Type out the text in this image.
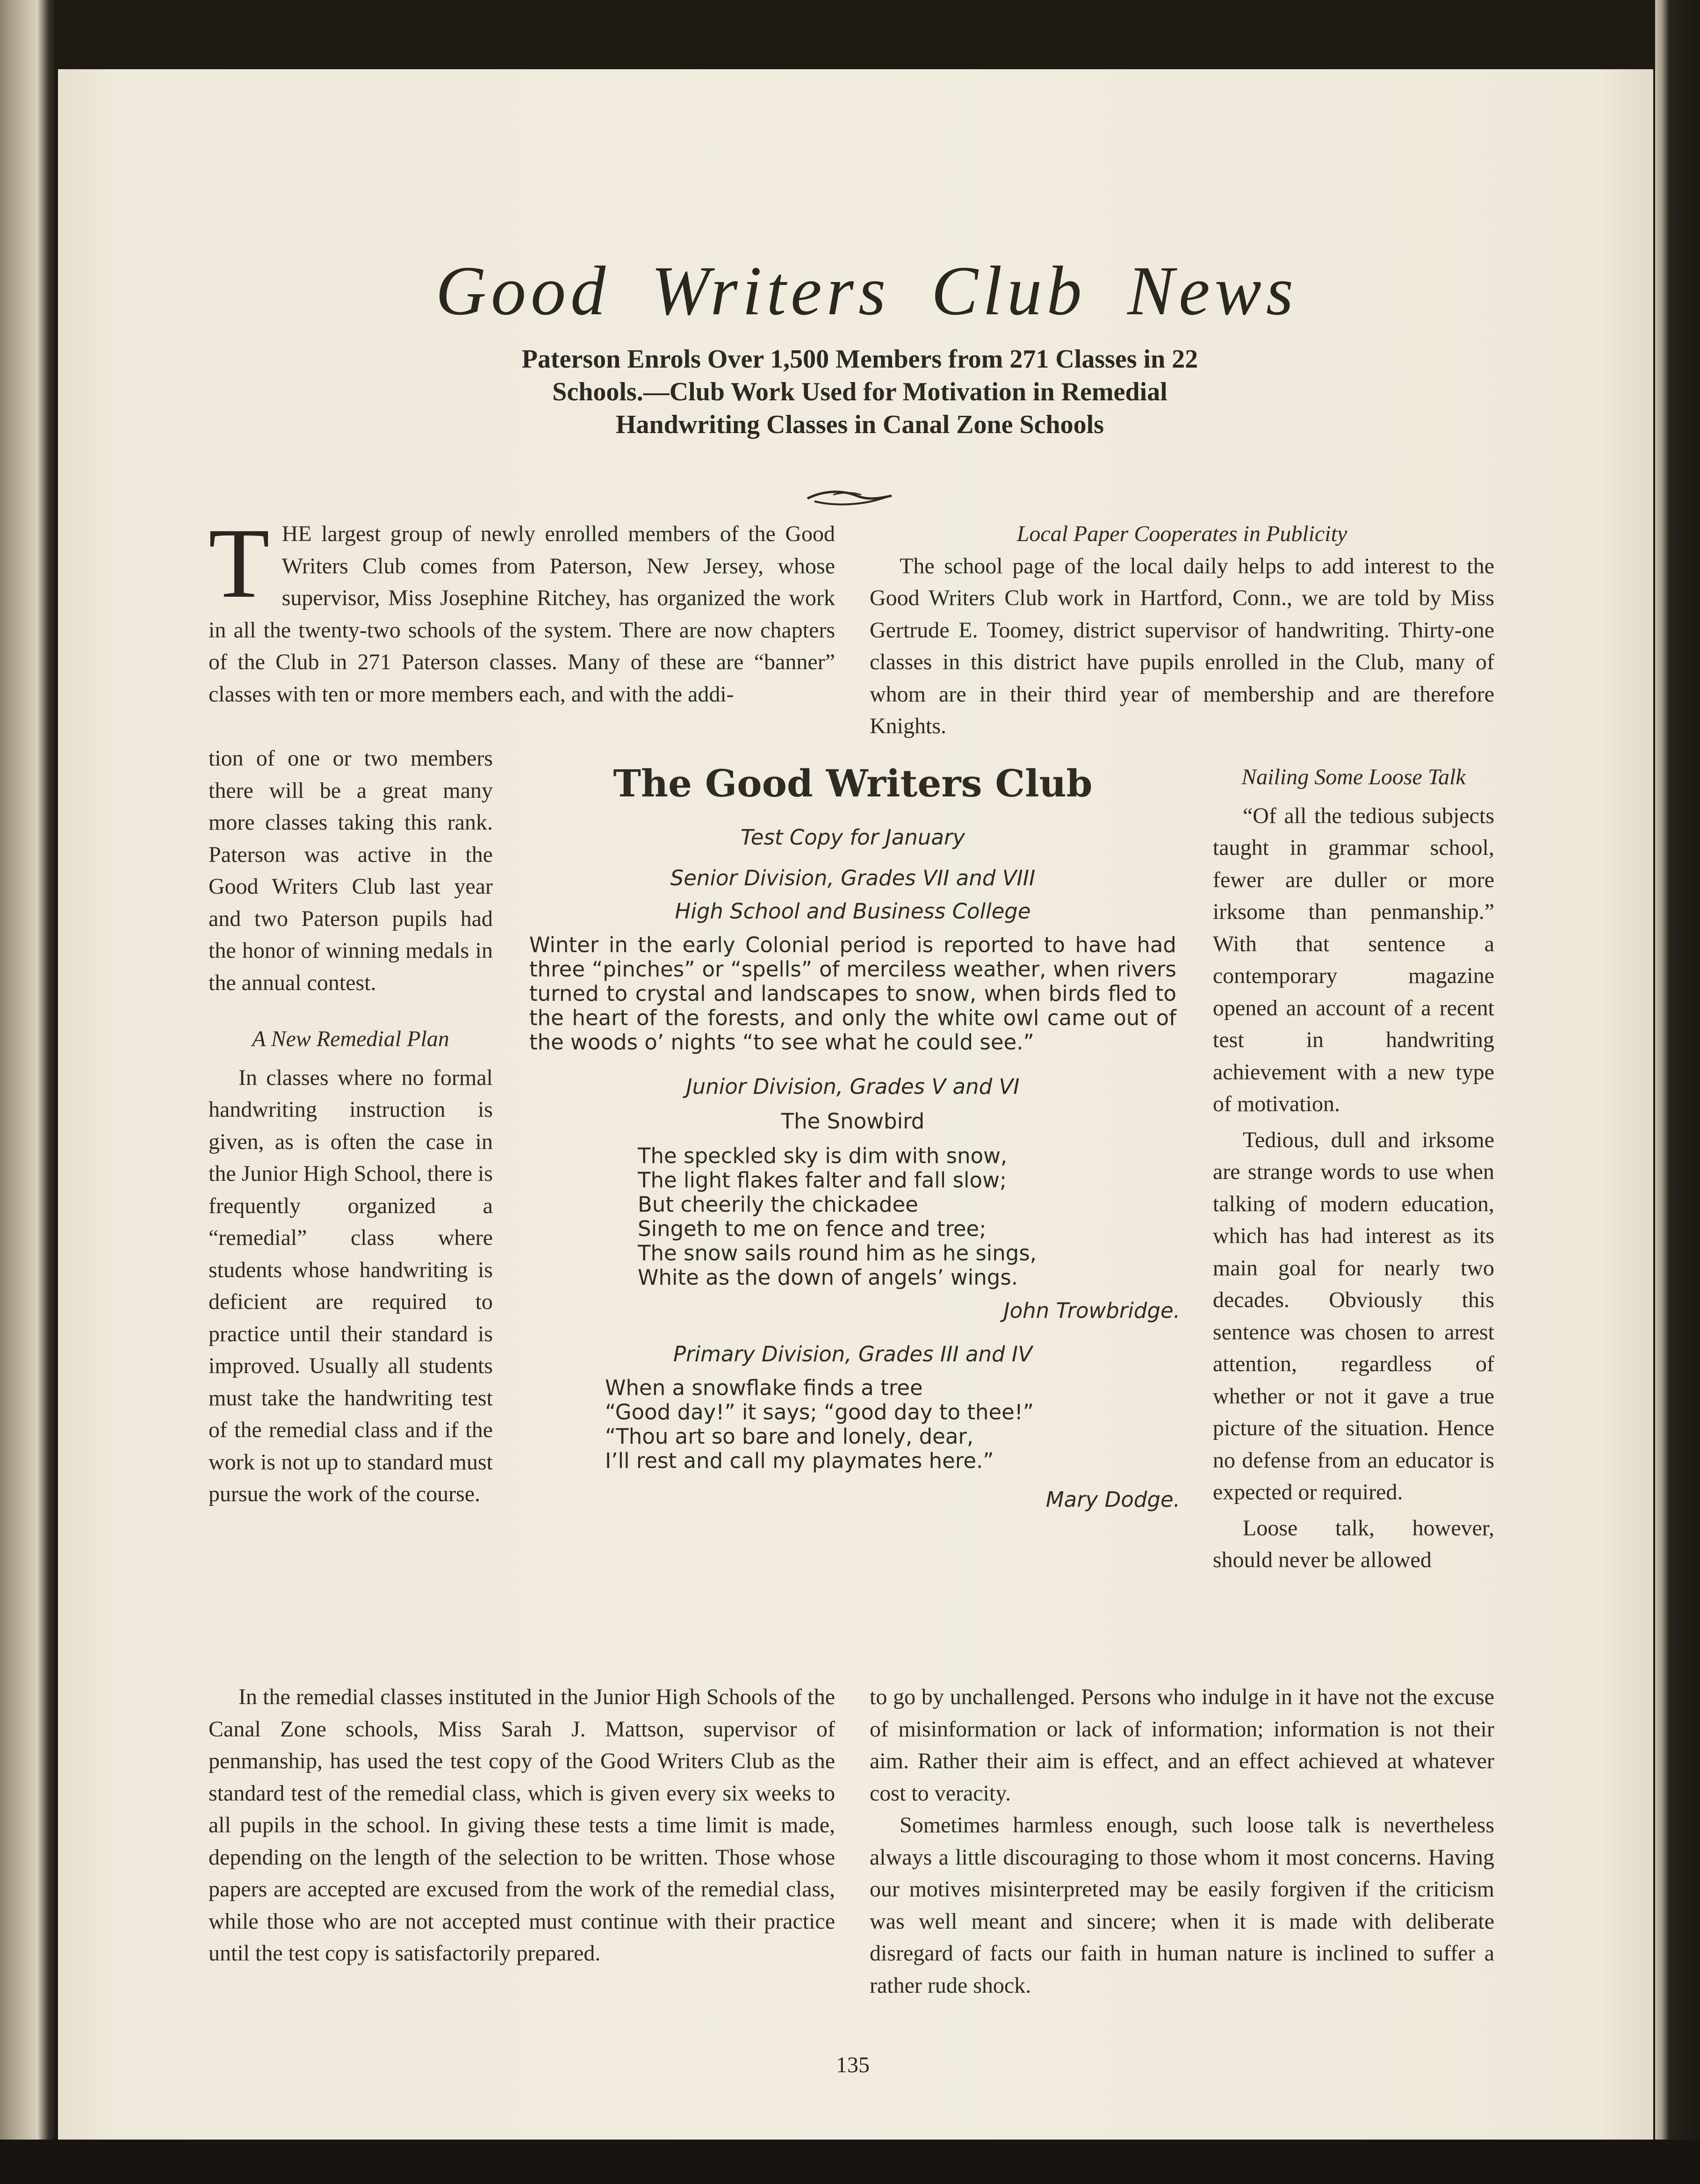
Good Writers Club News
Paterson Enrols Over 1,500 Members from 271 Classes in 22 Schools.—Club Work Used for Motivation in Remedial Handwriting Classes in Canal Zone Schools
T HE largest group of newly enrolled members of the Good Writers Club comes from Paterson, New Jersey, whose supervisor, Miss Josephine Ritchey, has organized the work in all the twenty-two schools of the system. There are now chapters of the Club in 271 Paterson classes. Many of these are “banner” classes with ten or more members each, and with the addi-

tion of one or two members there will be a great many more classes taking this rank. Paterson was active in the Good Writers Club last year and two Paterson pupils had the honor of winning medals in the annual contest.

A New Remedial Plan

In classes where no formal handwriting instruction is given, as is often the case in the Junior High School, there is frequently organized a “remedial” class where students whose handwriting is deficient are required to practice until their standard is improved. Usually all students must take the handwriting test of the remedial class and if the work is not up to standard must pursue the work of the course.

Local Paper Cooperates in Publicity

The school page of the local daily helps to add interest to the Good Writers Club work in Hartford, Conn., we are told by Miss Gertrude E. Toomey, district supervisor of handwriting. Thirty-one classes in this district have pupils enrolled in the Club, many of whom are in their third year of membership and are therefore Knights.

Nailing Some Loose Talk

“Of all the tedious subjects taught in grammar school, fewer are duller or more irksome than penmanship.” With that sentence a contemporary magazine opened an account of a recent test in handwriting achievement with a new type of motivation.

Tedious, dull and irksome are strange words to use when talking of modern education, which has had interest as its main goal for nearly two decades. Obviously this sentence was chosen to arrest attention, regardless of whether or not it gave a true picture of the situation. Hence no defense from an educator is expected or required.

Loose talk, however, should never be allowed

The Good Writers Club

Test Copy for January

Senior Division, Grades VII and VIII

High School and Business College

Winter in the early Colonial period is reported to have had three “pinches” or “spells” of merciless weather, when rivers turned to crystal and landscapes to snow, when birds fled to the heart of the forests, and only the white owl came out of the woods o’ nights “to see what he could see.”

Junior Division, Grades V and VI

The Snowbird

The speckled sky is dim with snow,
The light flakes falter and fall slow;
But cheerily the chickadee
Singeth to me on fence and tree;
The snow sails round him as he sings,
White as the down of angels’ wings.

John Trowbridge.

Primary Division, Grades III and IV

When a snowflake finds a tree
“Good day!” it says; “good day to thee!”
“Thou art so bare and lonely, dear,
I’ll rest and call my playmates here.”

Mary Dodge.

In the remedial classes instituted in the Junior High Schools of the Canal Zone schools, Miss Sarah J. Mattson, supervisor of penmanship, has used the test copy of the Good Writers Club as the standard test of the remedial class, which is given every six weeks to all pupils in the school. In giving these tests a time limit is made, depending on the length of the selection to be written. Those whose papers are accepted are excused from the work of the remedial class, while those who are not accepted must continue with their practice until the test copy is satisfactorily prepared.

to go by unchallenged. Persons who indulge in it have not the excuse of misinformation or lack of information; information is not their aim. Rather their aim is effect, and an effect achieved at whatever cost to veracity.

Sometimes harmless enough, such loose talk is nevertheless always a little discouraging to those whom it most concerns. Having our motives misinterpreted may be easily forgiven if the criticism was well meant and sincere; when it is made with deliberate disregard of facts our faith in human nature is inclined to suffer a rather rude shock.

135
